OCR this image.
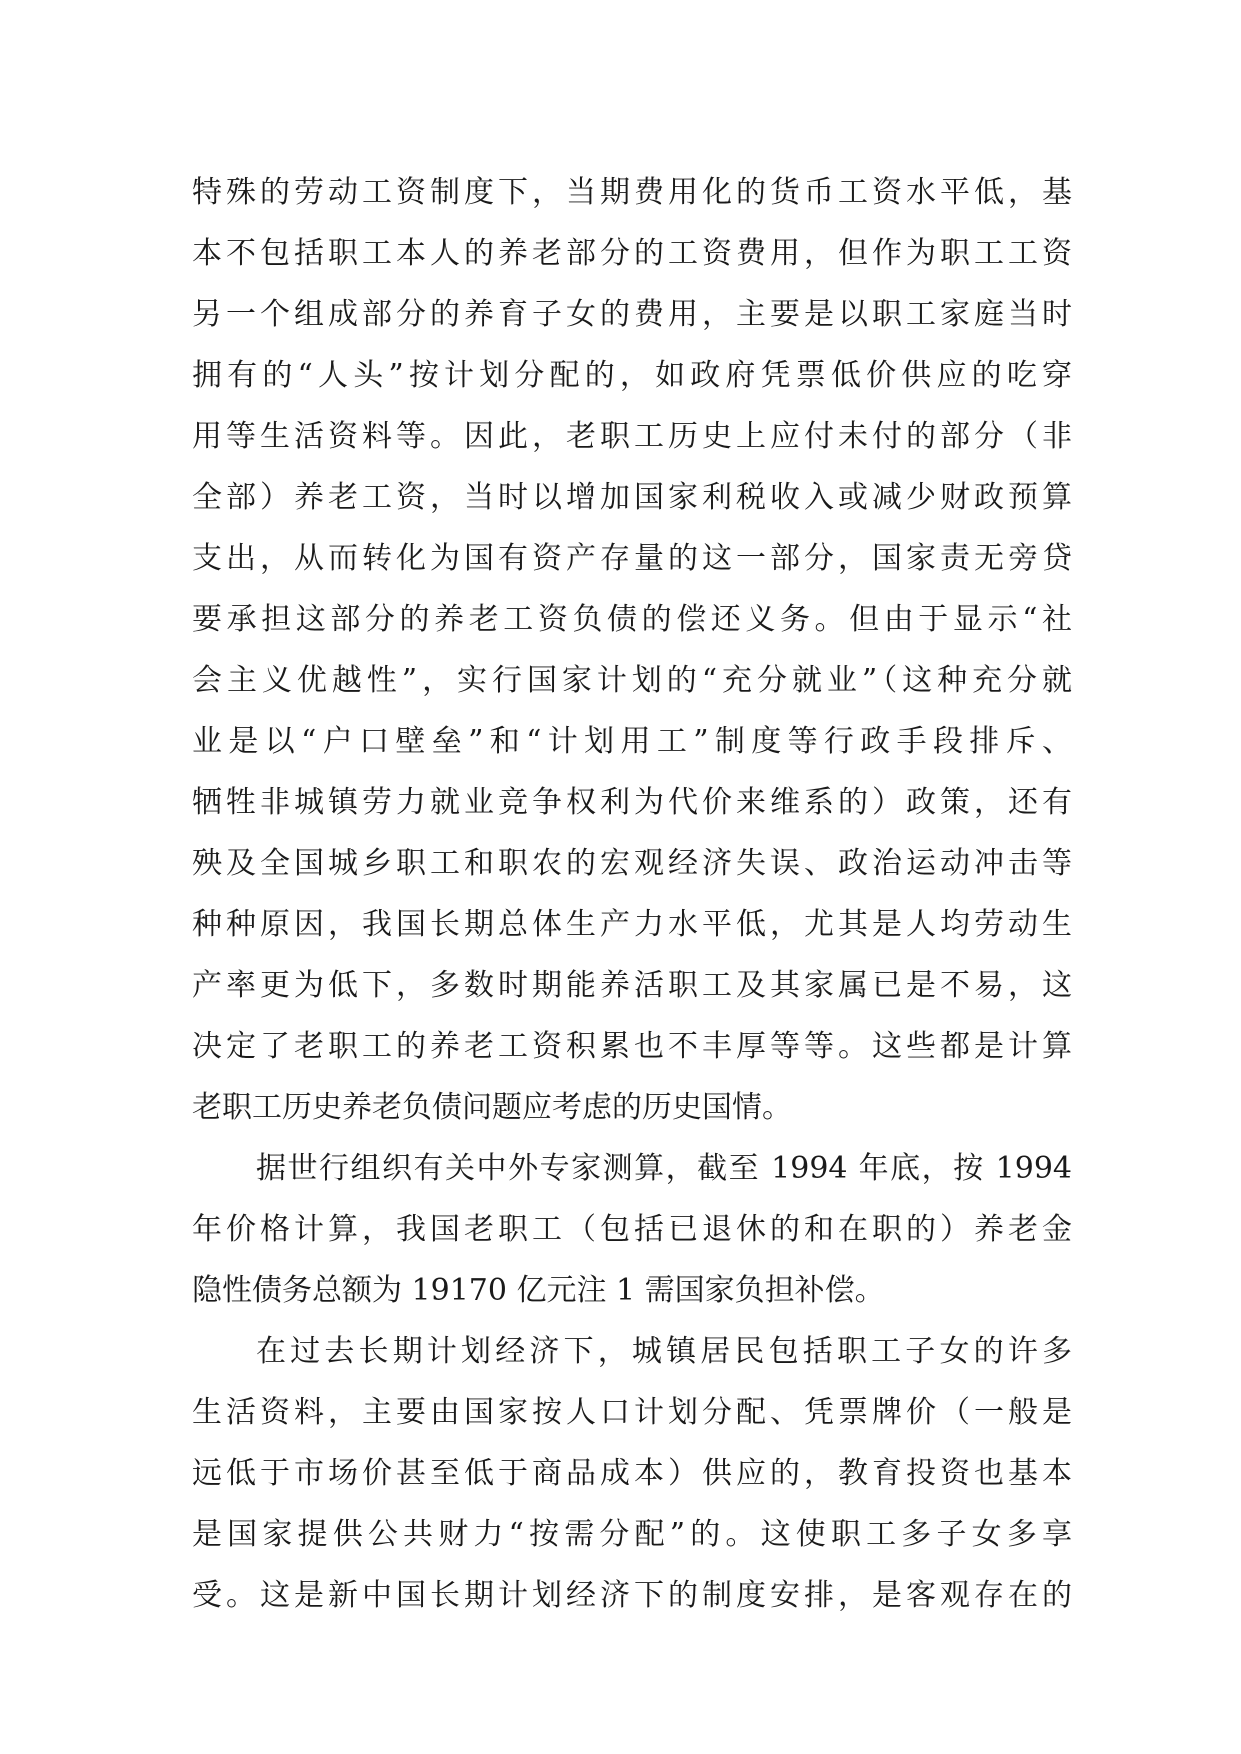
特殊的劳动工资制度下，当期费用化的货币工资水平低，基
本不包括职工本人的养老部分的工资费用，但作为职工工资
另一个组成部分的养育子女的费用，主要是以职工家庭当时
拥有的“人头”按计划分配的，如政府凭票低价供应的吃穿
用等生活资料等。因此，老职工历史上应付未付的部分（非
全部）养老工资，当时以增加国家利税收入或减少财政预算
支出，从而转化为国有资产存量的这一部分，国家责无旁贷
要承担这部分的养老工资负债的偿还义务。但由于显示“社
会主义优越性”，实行国家计划的“充分就业”（这种充分就
业是以“户口壁垒”和“计划用工”制度等行政手段排斥、
牺牲非城镇劳力就业竞争权利为代价来维系的）政策，还有
殃及全国城乡职工和职农的宏观经济失误、政治运动冲击等
种种原因，我国长期总体生产力水平低，尤其是人均劳动生
产率更为低下，多数时期能养活职工及其家属已是不易，这
决定了老职工的养老工资积累也不丰厚等等。这些都是计算
老职工历史养老负债问题应考虑的历史国情。
据世行组织有关中外专家测算，截至 1994 年底，按 1994
年价格计算，我国老职工（包括已退休的和在职的）养老金
隐性债务总额为 19170 亿元注 1 需国家负担补偿。
在过去长期计划经济下，城镇居民包括职工子女的许多
生活资料，主要由国家按人口计划分配、凭票牌价（一般是
远低于市场价甚至低于商品成本）供应的，教育投资也基本
是国家提供公共财力“按需分配”的。这使职工多子女多享
受。这是新中国长期计划经济下的制度安排，是客观存在的
